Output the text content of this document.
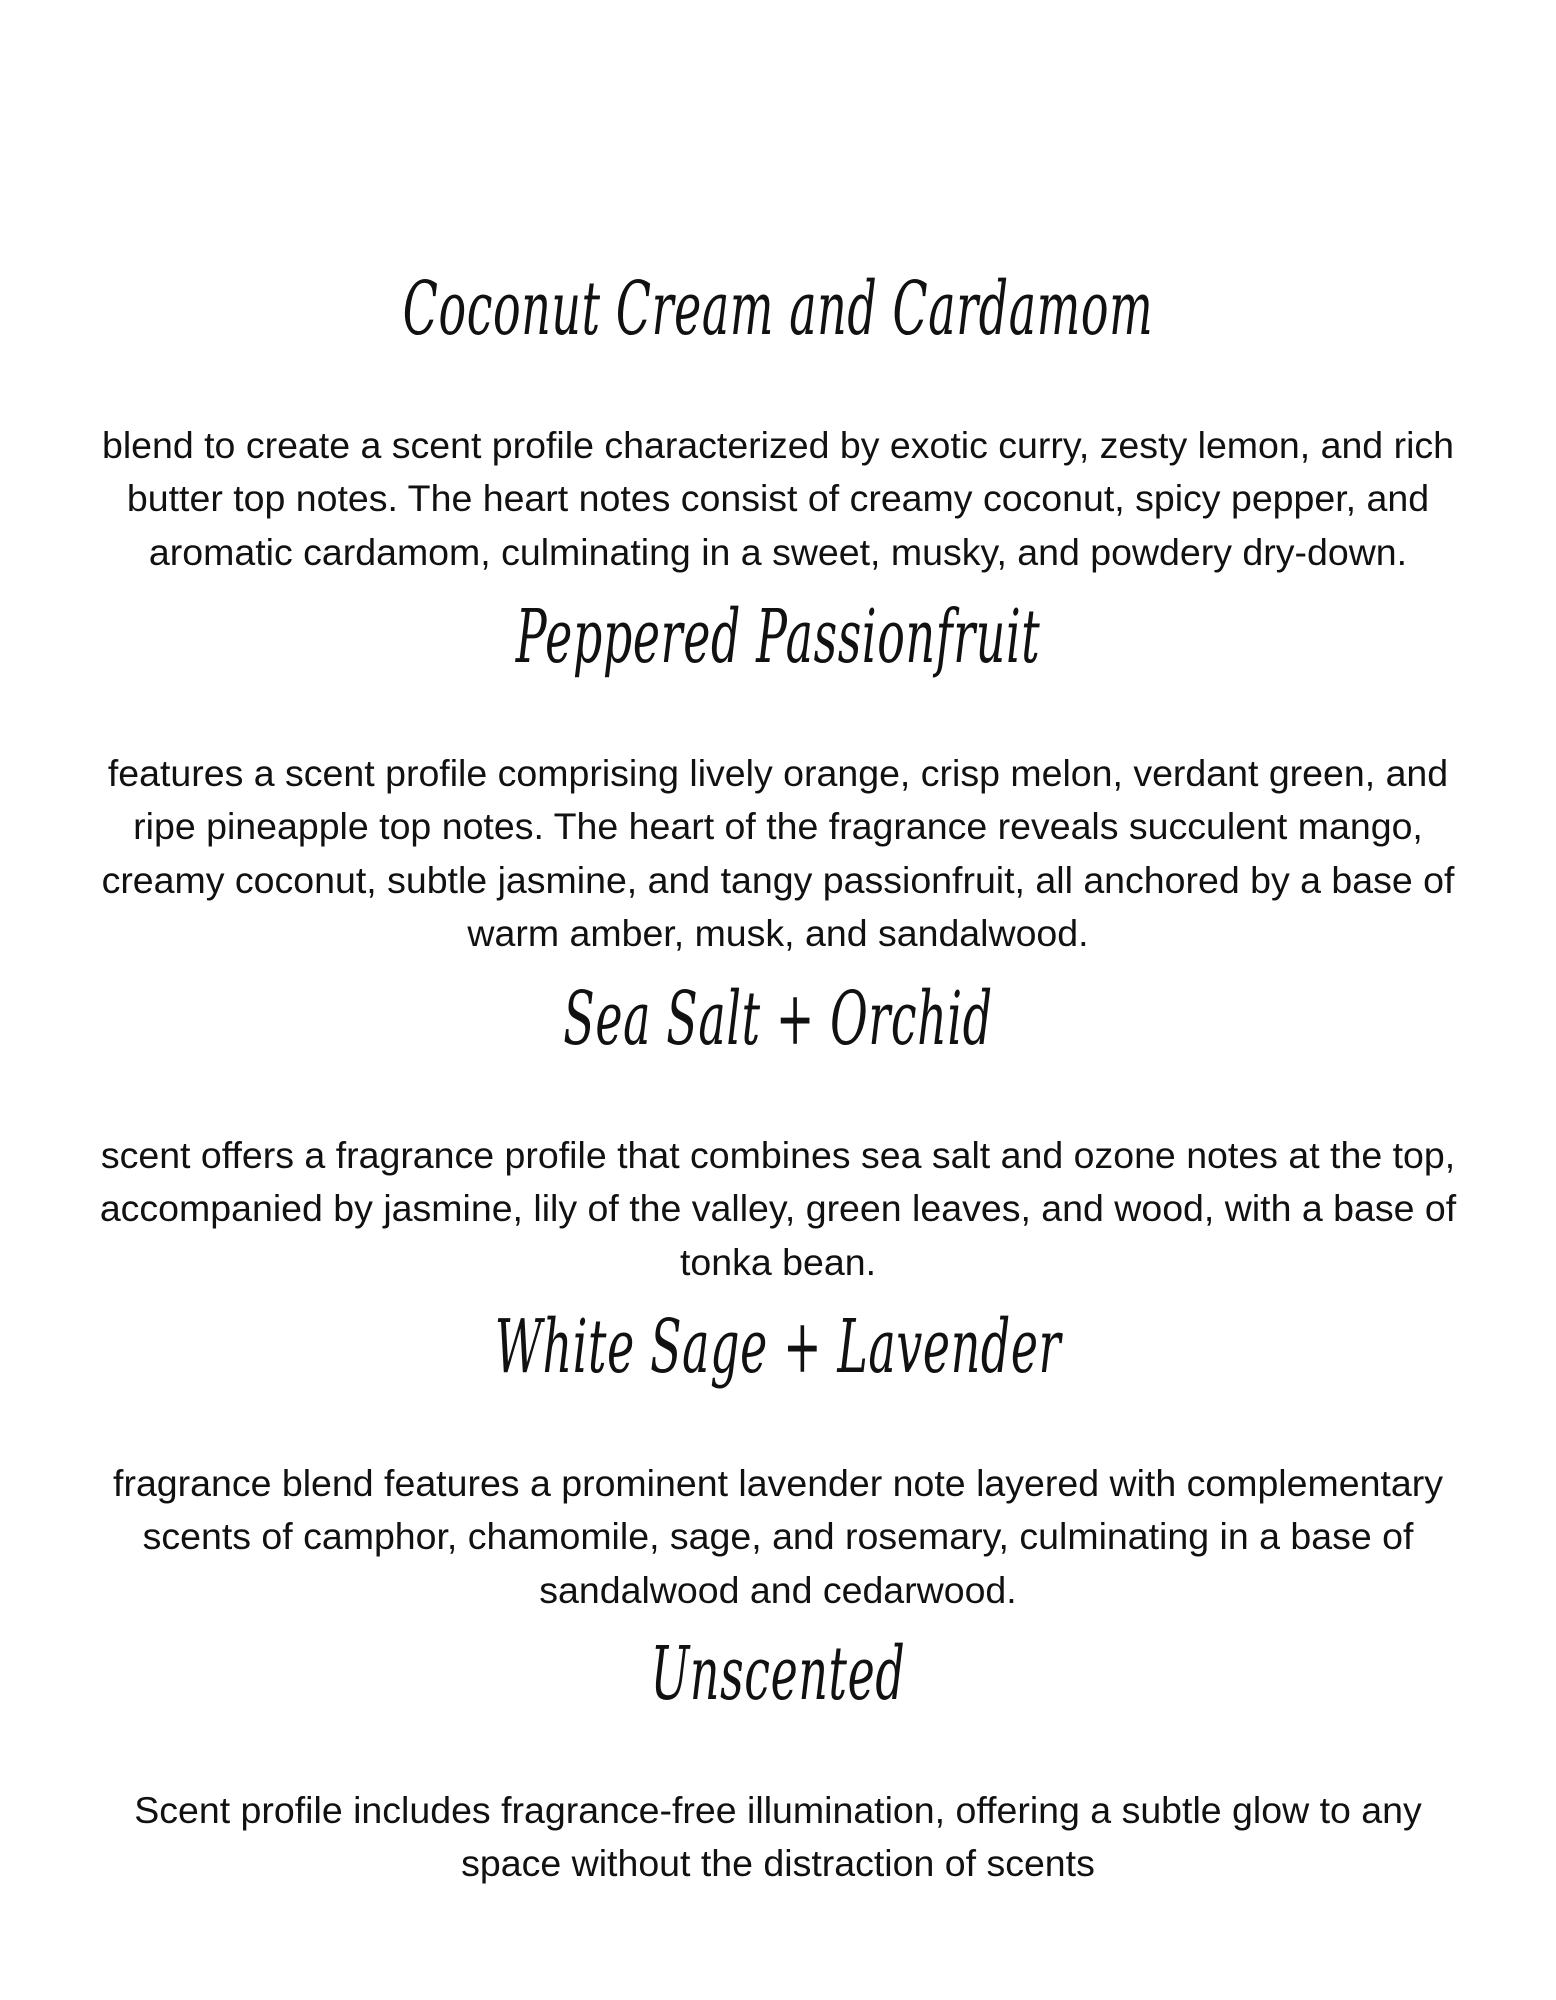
Coconut Cream and Cardamom

blend to create a scent profile characterized by exotic curry, zesty lemon, and rich
butter top notes. The heart notes consist of creamy coconut, spicy pepper, and
aromatic cardamom, culminating in a sweet, musky, and powdery dry-down.

Peppered Passionfruit

features a scent profile comprising lively orange, crisp melon, verdant green, and
ripe pineapple top notes. The heart of the fragrance reveals succulent mango,
creamy coconut, subtle jasmine, and tangy passionfruit, all anchored by a base of
warm amber, musk, and sandalwood.

Sea Salt + Orchid

scent offers a fragrance profile that combines sea salt and ozone notes at the top,
accompanied by jasmine, lily of the valley, green leaves, and wood, with a base of
tonka bean.

White Sage + Lavender

fragrance blend features a prominent lavender note layered with complementary
scents of camphor, chamomile, sage, and rosemary, culminating in a base of
sandalwood and cedarwood.

Unscented

Scent profile includes fragrance-free illumination, offering a subtle glow to any
space without the distraction of scents
